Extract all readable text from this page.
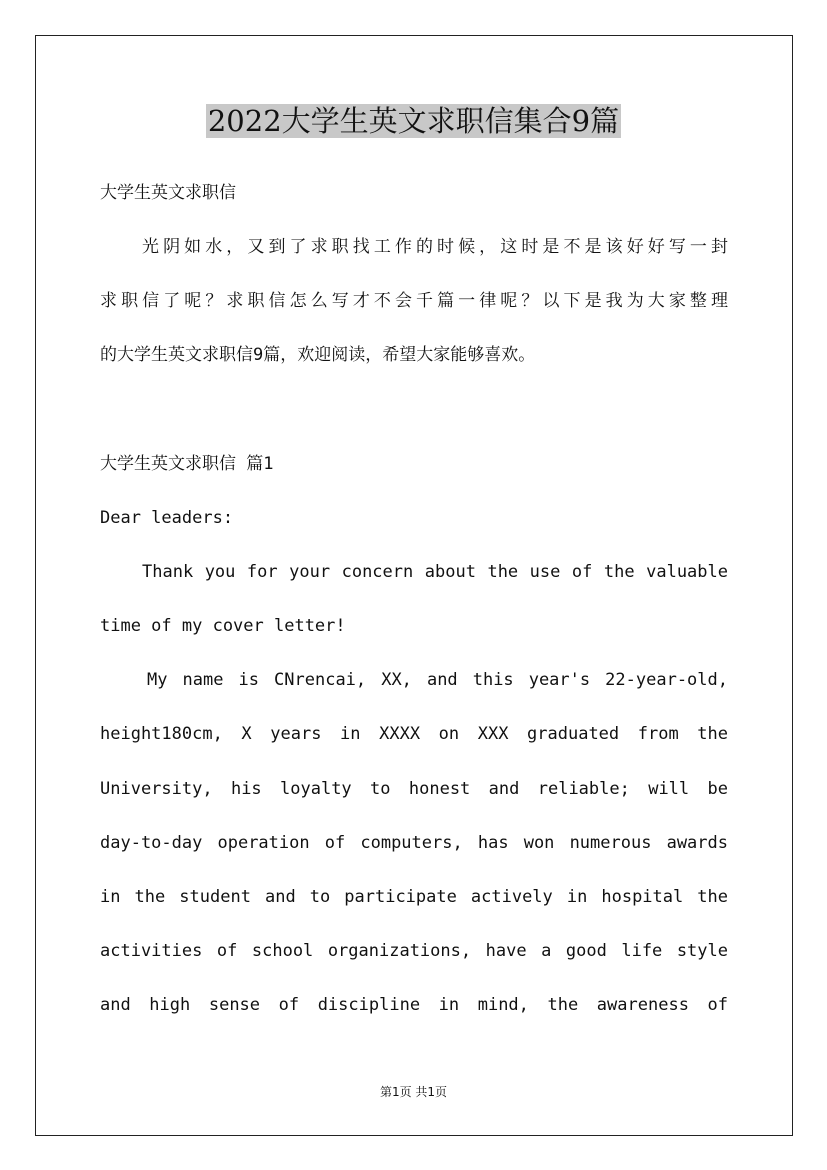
2022大学生英文求职信集合9篇
大学生英文求职信
光阴如水，又到了求职找工作的时候，这时是不是该好好写一封
求职信了呢？求职信怎么写才不会千篇一律呢？以下是我为大家整理
的大学生英文求职信9篇，欢迎阅读，希望大家能够喜欢。
大学生英文求职信 篇1
Dear leaders:
Thank you for your concern about the use of the valuable
time of my cover letter!
My name is CNrencai, XX, and this year's 22-year-old,
height180cm, X years in XXXX on XXX graduated from the
University, his loyalty to honest and reliable; will be
day-to-day operation of computers, has won numerous awards
in the student and to participate actively in hospital the
activities of school organizations, have a good life style
and high sense of discipline in mind, the awareness of
第1页 共1页
